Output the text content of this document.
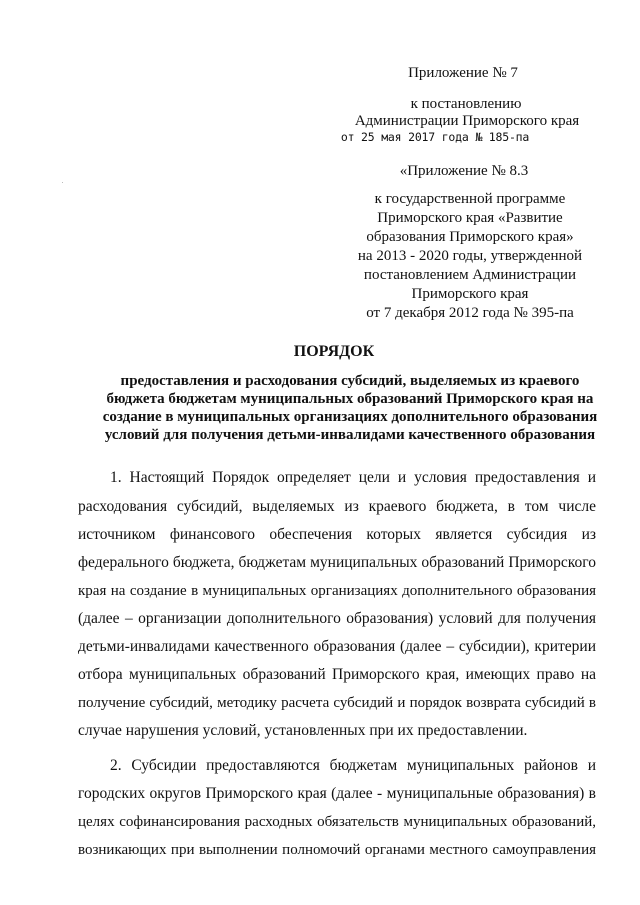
Приложение № 7
к постановлению
Администрации Приморского края
от 25 мая 2017 года № 185-па
«Приложение № 8.3
к государственной программе
Приморского края «Развитие
образования Приморского края»
на 2013 - 2020 годы, утвержденной
постановлением Администрации
Приморского края
от 7 декабря 2012 года № 395-па
ПОРЯДОК
предоставления и расходования субсидий, выделяемых из краевого
бюджета бюджетам муниципальных образований Приморского края на
создание в муниципальных организациях дополнительного образования
условий для получения детьми-инвалидами качественного образования
1. Настоящий Порядок определяет цели и условия предоставления и
расходования субсидий, выделяемых из краевого бюджета, в том числе
источником финансового обеспечения которых является субсидия из
федерального бюджета, бюджетам муниципальных образований Приморского
края на создание в муниципальных организациях дополнительного образования
(далее – организации дополнительного образования) условий для получения
детьми-инвалидами качественного образования (далее – субсидии), критерии
отбора муниципальных образований Приморского края, имеющих право на
получение субсидий, методику расчета субсидий и порядок возврата субсидий в
случае нарушения условий, установленных при их предоставлении.
2. Субсидии предоставляются бюджетам муниципальных районов и
городских округов Приморского края (далее - муниципальные образования) в
целях софинансирования расходных обязательств муниципальных образований,
возникающих при выполнении полномочий органами местного самоуправления
